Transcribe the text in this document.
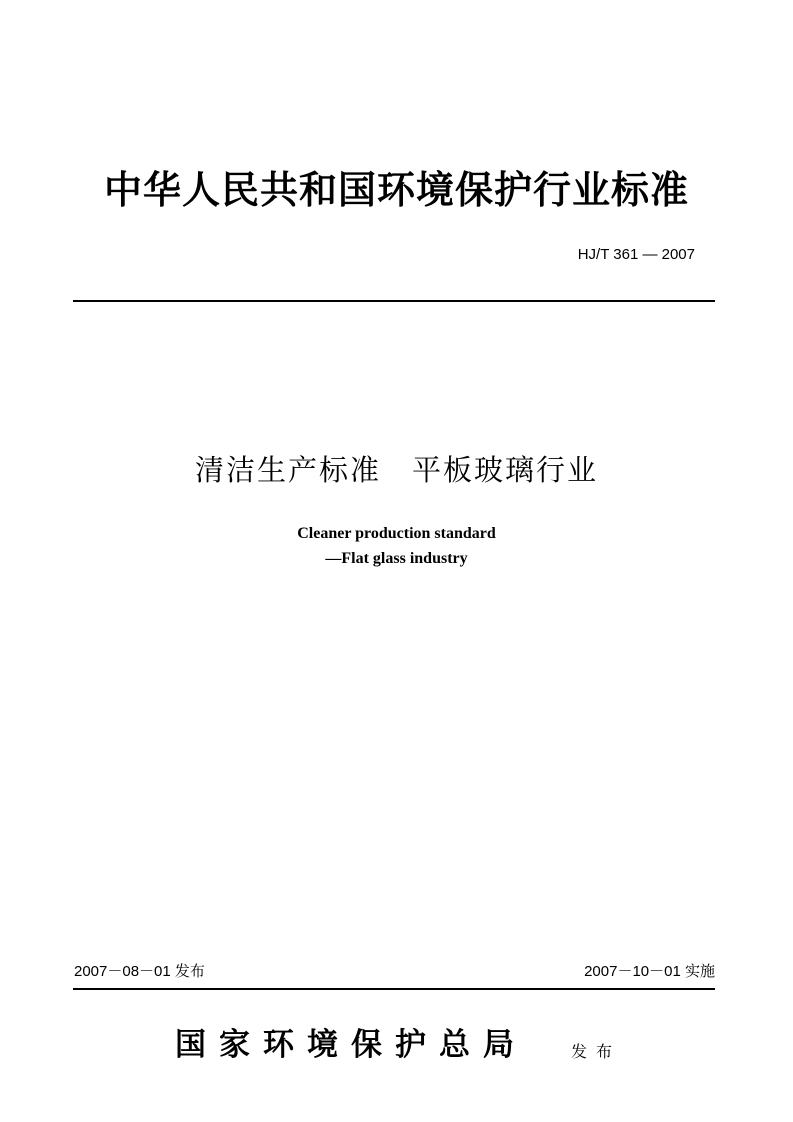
中华人民共和国环境保护行业标准
HJ/T 361 — 2007
清洁生产标准　平板玻璃行业
Cleaner production standard
—Flat glass industry
2007－08－01 发布	2007－10－01 实施
国家环境保护总局	发布
